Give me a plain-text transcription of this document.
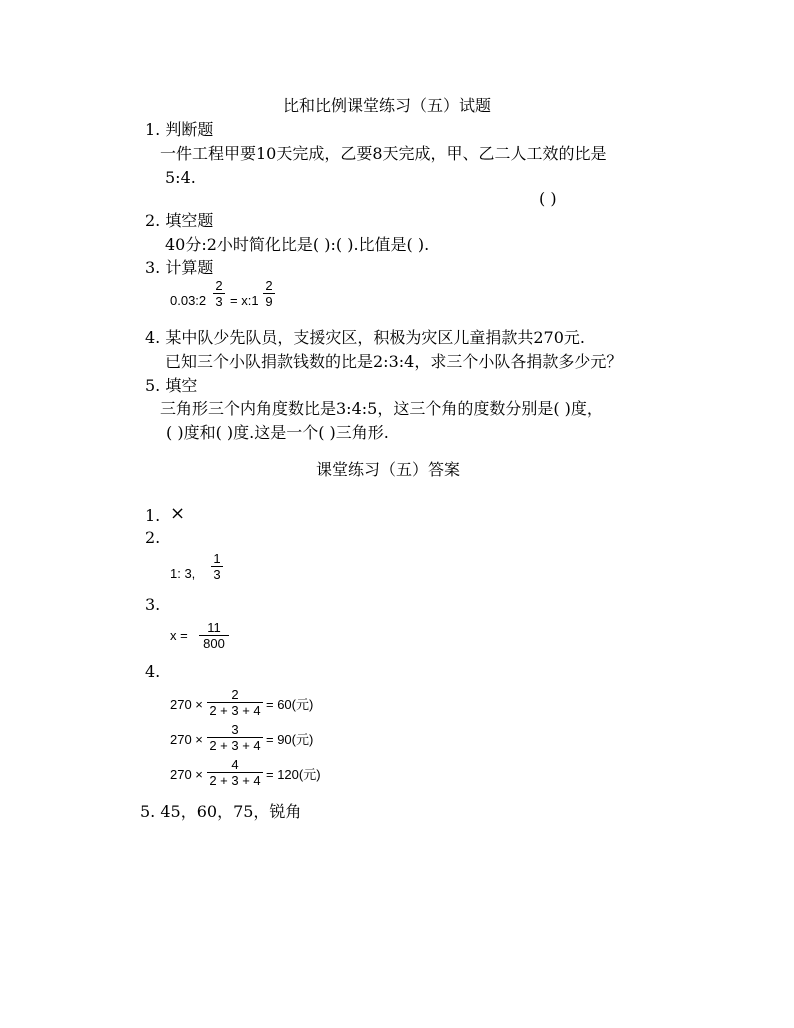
比和比例课堂练习（五）试题
1. 判断题
一件工程甲要10天完成，乙要8天完成，甲、乙二人工效的比是
5:4.
( )
2. 填空题
40分:2小时简化比是( ):( ).比值是( ).
3. 计算题
0.03:2
2
3 = x:1
2
9
4. 某中队少先队员，支援灾区，积极为灾区儿童捐款共270元.
已知三个小队捐款钱数的比是2:3:4，求三个小队各捐款多少元？
5. 填空
三角形三个内角度数比是3:4:5，这三个角的度数分别是( )度，
( )度和( )度.这是一个( )三角形.
课堂练习（五）答案
1. ×
2.
1: 3,
1
3
3.
x =
11
800
4.
270 ×
2
2 + 3 + 4 = 60(元)
270 ×
3
2 + 3 + 4 = 90(元)
270 ×
4
2 + 3 + 4 = 120(元)
5. 45，60，75，锐角
